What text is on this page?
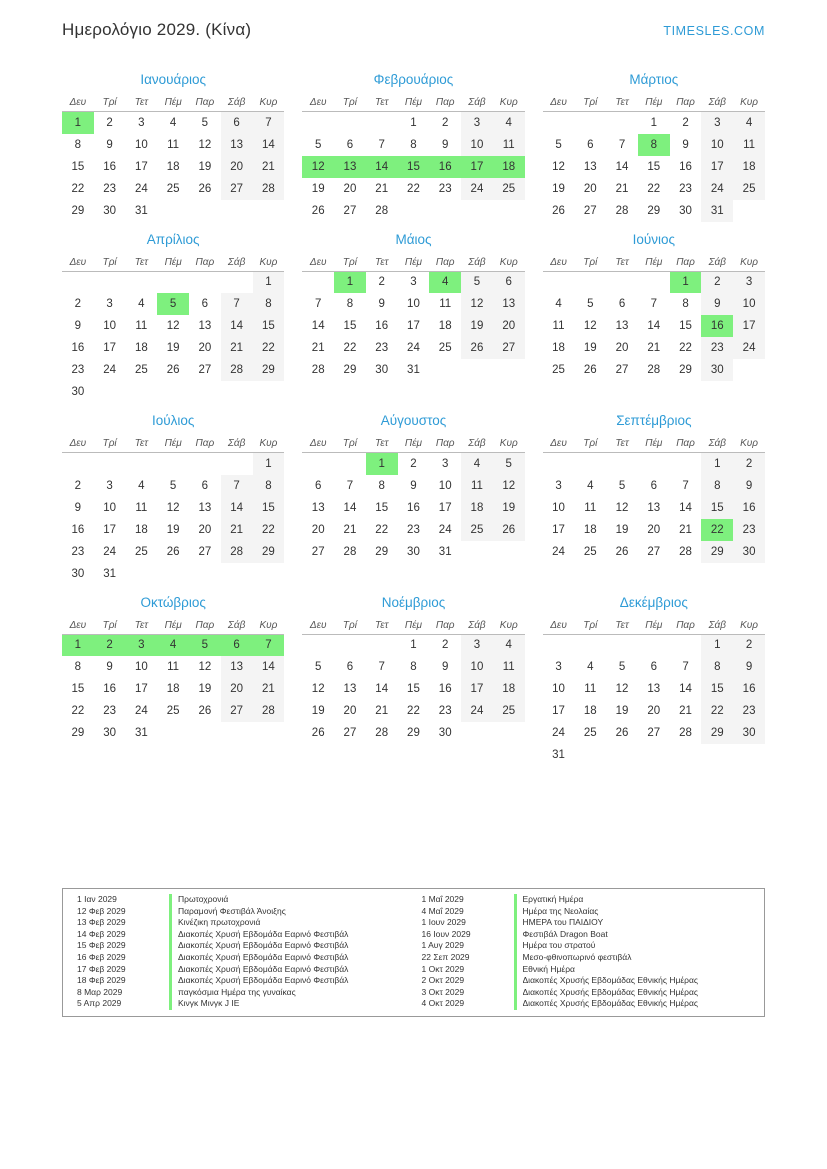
Ημερολόγιο 2029. (Κίνα)	TIMESLES.COM
Ιανουάριος
Δευ	Τρί	Τετ	Πέμ	Παρ	Σάβ	Κυρ
1	2	3	4	5	6	7
8	9	10	11	12	13	14
15	16	17	18	19	20	21
22	23	24	25	26	27	28
29	30	31				
Φεβρουάριος
Δευ	Τρί	Τετ	Πέμ	Παρ	Σάβ	Κυρ
			1	2	3	4
5	6	7	8	9	10	11
12	13	14	15	16	17	18
19	20	21	22	23	24	25
26	27	28				
Μάρτιος
Δευ	Τρί	Τετ	Πέμ	Παρ	Σάβ	Κυρ
			1	2	3	4
5	6	7	8	9	10	11
12	13	14	15	16	17	18
19	20	21	22	23	24	25
26	27	28	29	30	31	
Απρίλιος
Δευ	Τρί	Τετ	Πέμ	Παρ	Σάβ	Κυρ
						1
2	3	4	5	6	7	8
9	10	11	12	13	14	15
16	17	18	19	20	21	22
23	24	25	26	27	28	29
30						
Μάιος
Δευ	Τρί	Τετ	Πέμ	Παρ	Σάβ	Κυρ
	1	2	3	4	5	6
7	8	9	10	11	12	13
14	15	16	17	18	19	20
21	22	23	24	25	26	27
28	29	30	31			
Ιούνιος
Δευ	Τρί	Τετ	Πέμ	Παρ	Σάβ	Κυρ
				1	2	3
4	5	6	7	8	9	10
11	12	13	14	15	16	17
18	19	20	21	22	23	24
25	26	27	28	29	30	
Ιούλιος
Δευ	Τρί	Τετ	Πέμ	Παρ	Σάβ	Κυρ
						1
2	3	4	5	6	7	8
9	10	11	12	13	14	15
16	17	18	19	20	21	22
23	24	25	26	27	28	29
30	31					
Αύγουστος
Δευ	Τρί	Τετ	Πέμ	Παρ	Σάβ	Κυρ
		1	2	3	4	5
6	7	8	9	10	11	12
13	14	15	16	17	18	19
20	21	22	23	24	25	26
27	28	29	30	31		
Σεπτέμβριος
Δευ	Τρί	Τετ	Πέμ	Παρ	Σάβ	Κυρ
					1	2
3	4	5	6	7	8	9
10	11	12	13	14	15	16
17	18	19	20	21	22	23
24	25	26	27	28	29	30
Οκτώβριος
Δευ	Τρί	Τετ	Πέμ	Παρ	Σάβ	Κυρ
1	2	3	4	5	6	7
8	9	10	11	12	13	14
15	16	17	18	19	20	21
22	23	24	25	26	27	28
29	30	31				
Νοέμβριος
Δευ	Τρί	Τετ	Πέμ	Παρ	Σάβ	Κυρ
			1	2	3	4
5	6	7	8	9	10	11
12	13	14	15	16	17	18
19	20	21	22	23	24	25
26	27	28	29	30		
Δεκέμβριος
Δευ	Τρί	Τετ	Πέμ	Παρ	Σάβ	Κυρ
					1	2
3	4	5	6	7	8	9
10	11	12	13	14	15	16
17	18	19	20	21	22	23
24	25	26	27	28	29	30
31						
1 Ιαν 2029	Πρωτοχρονιά
12 Φεβ 2029	Παραμονή Φεστιβάλ Άνοιξης
13 Φεβ 2029	Κινέζικη πρωτοχρονιά
14 Φεβ 2029	Διακοπές Χρυσή Εβδομάδα Εαρινό Φεστιβάλ
15 Φεβ 2029	Διακοπές Χρυσή Εβδομάδα Εαρινό Φεστιβάλ
16 Φεβ 2029	Διακοπές Χρυσή Εβδομάδα Εαρινό Φεστιβάλ
17 Φεβ 2029	Διακοπές Χρυσή Εβδομάδα Εαρινό Φεστιβάλ
18 Φεβ 2029	Διακοπές Χρυσή Εβδομάδα Εαρινό Φεστιβάλ
8 Μαρ 2029	παγκόσμια Ημέρα της γυναίκας
5 Απρ 2029	Κινγκ Μινγκ J IE
1 Μαΐ 2029	Εργατική Ημέρα
4 Μαΐ 2029	Ημέρα της Νεολαίας
1 Ιουν 2029	ΗΜΕΡΑ του ΠΑΙΔΙΟΥ
16 Ιουν 2029	Φεστιβάλ Dragon Boat
1 Αυγ 2029	Ημέρα του στρατού
22 Σεπ 2029	Μεσο-φθινοπωρινό φεστιβάλ
1 Οκτ 2029	Εθνική Ημέρα
2 Οκτ 2029	Διακοπές Χρυσής Εβδομάδας Εθνικής Ημέρας
3 Οκτ 2029	Διακοπές Χρυσής Εβδομάδας Εθνικής Ημέρας
4 Οκτ 2029	Διακοπές Χρυσής Εβδομάδας Εθνικής Ημέρας
